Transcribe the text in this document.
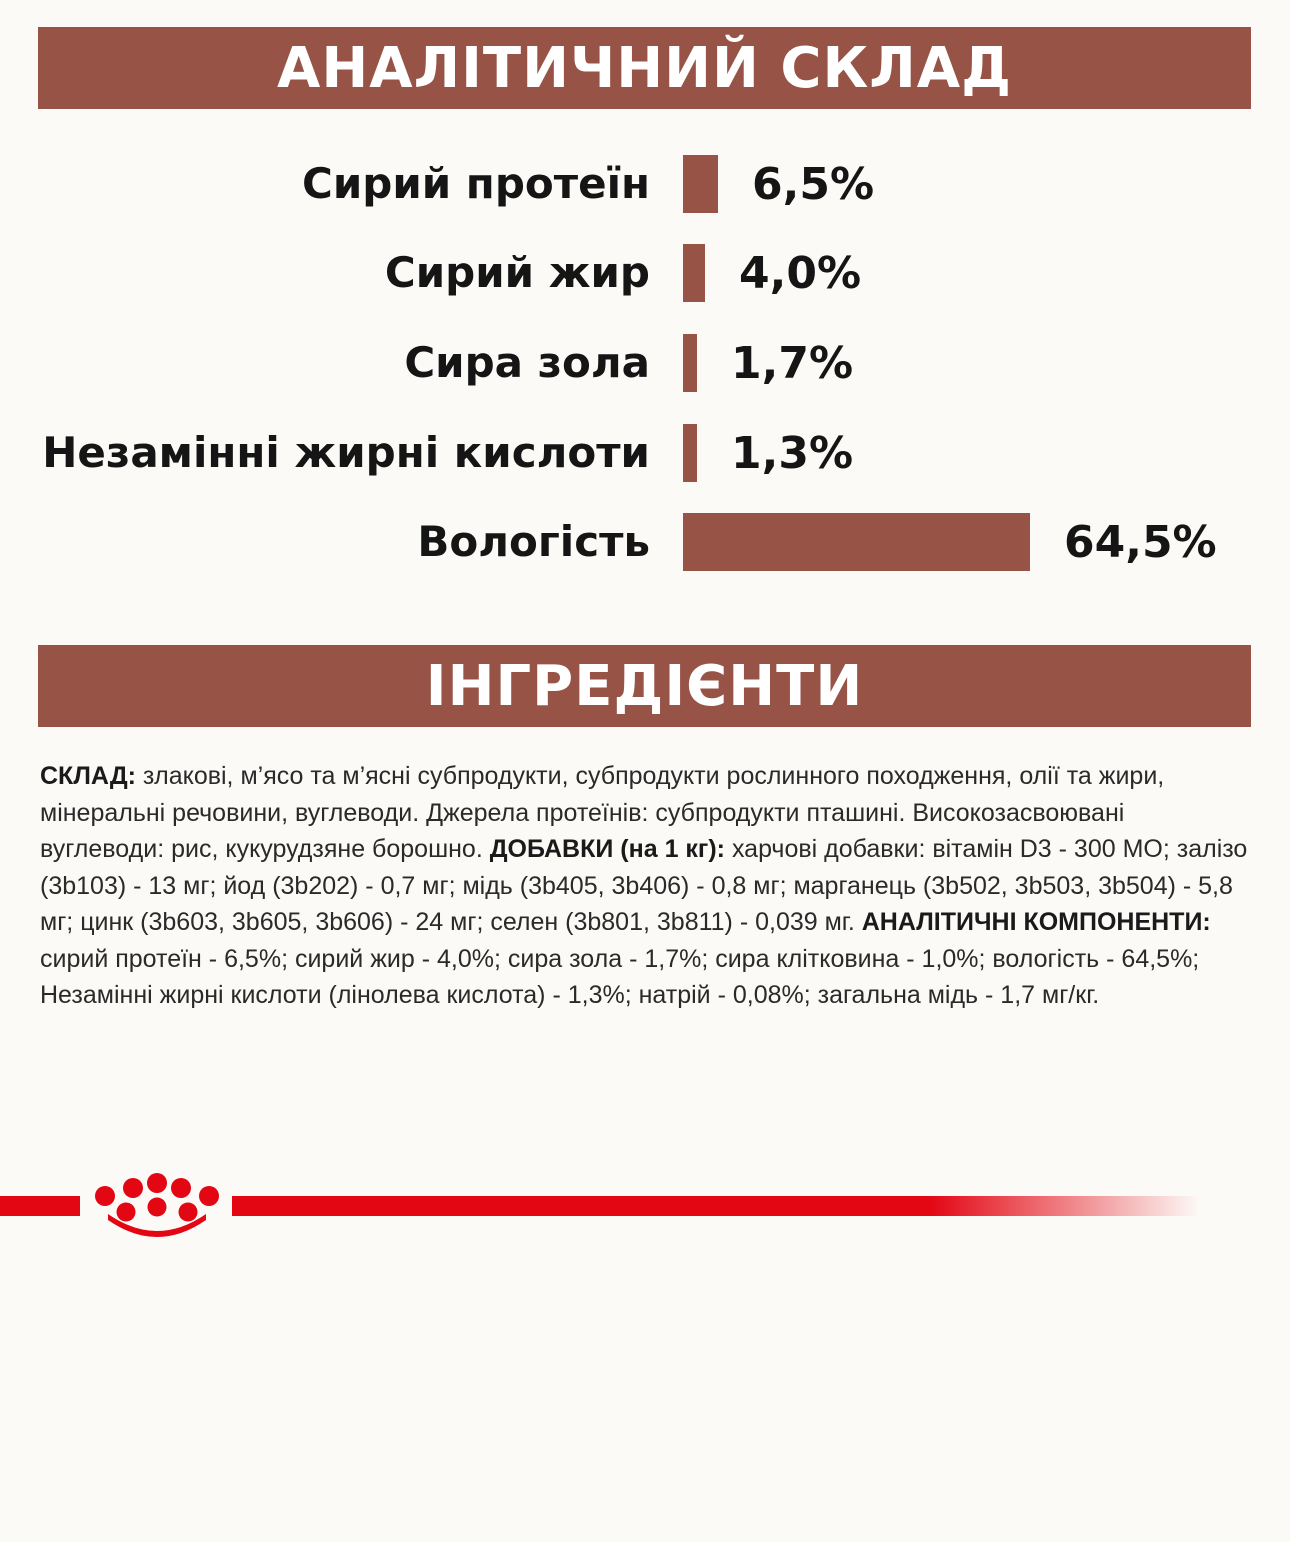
АНАЛІТИЧНИЙ СКЛАД
Сирий протеїн 6,5%
Сирий жир 4,0%
Сира зола 1,7%
Незамінні жирні кислоти 1,3%
Вологість	64,5%
ІНГРЕДІЄНТИ

СКЛАД: злакові, м’ясо та м’ясні субпродукти, субпродукти рослинного походження, олії та жири, мінеральні речовини, вуглеводи. Джерела протеїнів: субпродукти пташині. Високозасвоювані вуглеводи: рис, кукурудзяне борошно. ДОБАВКИ (на 1 кг): харчові добавки: вітамін D3 - 300 МО; залізо (3b103) - 13 мг; йод (3b202) - 0,7 мг; мідь (3b405, 3b406) - 0,8 мг; марганець (3b502, 3b503, 3b504) - 5,8 мг; цинк (3b603, 3b605, 3b606) - 24 мг; селен (3b801, 3b811) - 0,039 мг. АНАЛІТИЧНІ КОМПОНЕНТИ: сирий протеїн - 6,5%; сирий жир - 4,0%; сира зола - 1,7%; сира клітковина - 1,0%; вологість - 64,5%; Незамінні жирні кислоти (лінолева кислота) - 1,3%; натрій - 0,08%; загальна мідь - 1,7 мг/кг.
